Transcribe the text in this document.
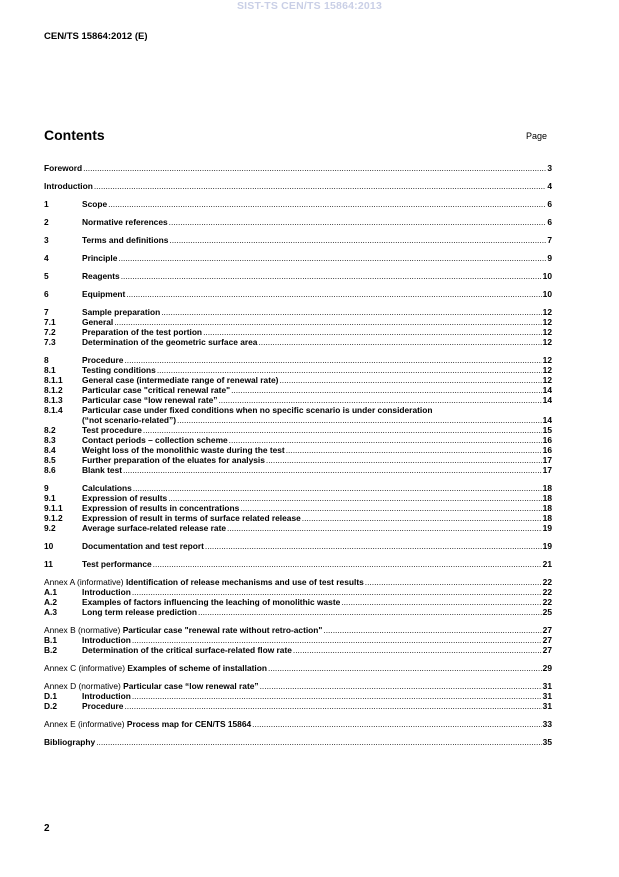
SIST-TS CEN/TS 15864:2013
CEN/TS 15864:2012 (E)
Contents	Page
Foreword .....	3
Introduction .....	4
1	Scope .....	6
2	Normative references .....	6
3	Terms and definitions .....	7
4	Principle .....	9
5	Reagents .....	10
6	Equipment .....	10
7	Sample preparation .....	12
7.1	General .....	12
7.2	Preparation of the test portion .....	12
7.3	Determination of the geometric surface area .....	12
8	Procedure .....	12
8.1	Testing conditions .....	12
8.1.1	General case (intermediate range of renewal rate) .....	12
8.1.2	Particular case "critical renewal rate" .....	14
8.1.3	Particular case “low renewal rate” .....	14
8.1.4	Particular case under fixed conditions when no specific scenario is under consideration
(“not scenario-related”) .....	14
8.2	Test procedure .....	15
8.3	Contact periods – collection scheme .....	16
8.4	Weight loss of the monolithic waste during the test .....	16
8.5	Further preparation of the eluates for analysis .....	17
8.6	Blank test .....	17
9	Calculations .....	18
9.1	Expression of results .....	18
9.1.1	Expression of results in concentrations .....	18
9.1.2	Expression of result in terms of surface related release .....	18
9.2	Average surface-related release rate .....	19
10	Documentation and test report .....	19
11	Test performance .....	21
Annex A (informative) Identification of release mechanisms and use of test results .....	22
A.1	Introduction .....	22
A.2	Examples of factors influencing the leaching of monolithic waste .....	22
A.3	Long term release prediction .....	25
Annex B (normative) Particular case "renewal rate without retro-action" .....	27
B.1	Introduction .....	27
B.2	Determination of the critical surface-related flow rate .....	27
Annex C (informative) Examples of scheme of installation .....	29
Annex D (normative) Particular case “low renewal rate” .....	31
D.1	Introduction .....	31
D.2	Procedure .....	31
Annex E (informative) Process map for CEN/TS 15864 .....	33
Bibliography .....	35
2
